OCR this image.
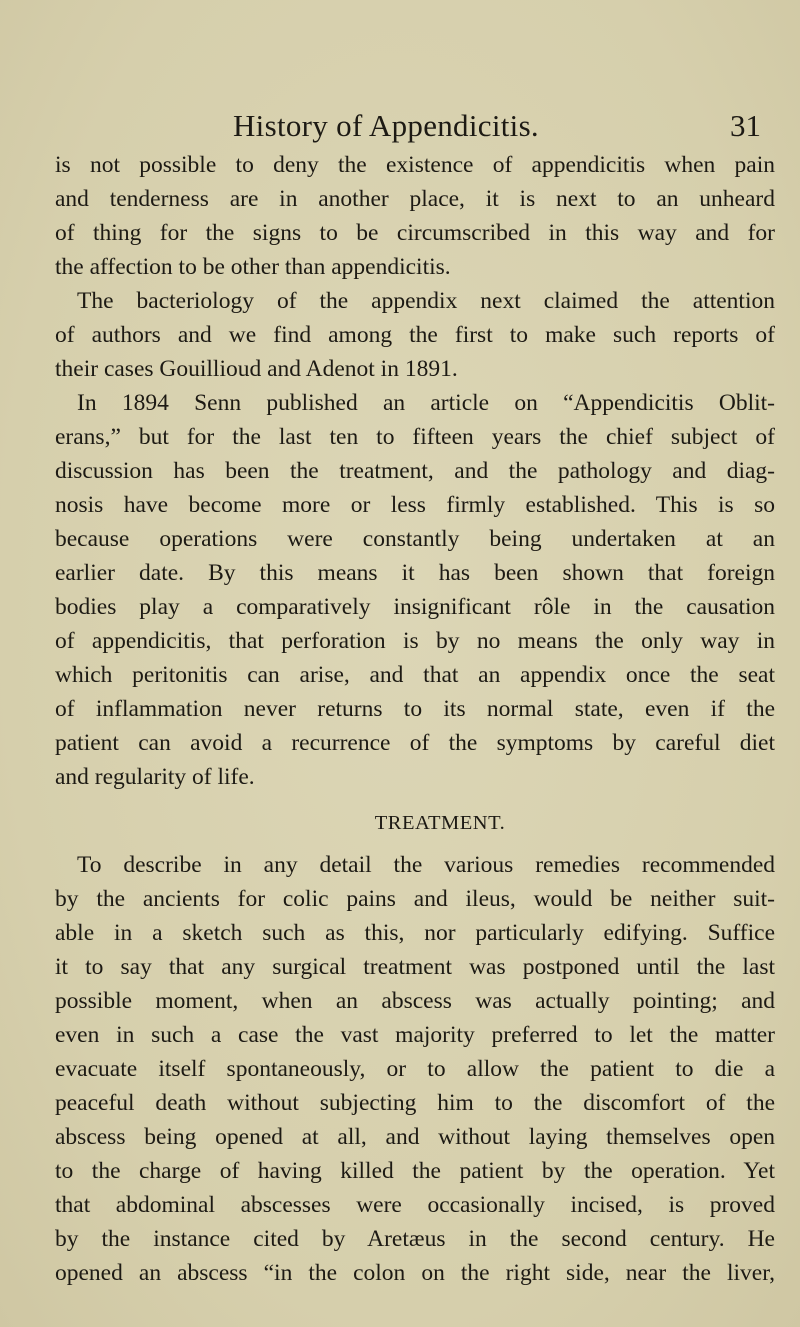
History of Appendicitis.	31
is not possible to deny the existence of appendicitis when pain
and tenderness are in another place, it is next to an unheard
of thing for the signs to be circumscribed in this way and for
the affection to be other than appendicitis.
The bacteriology of the appendix next claimed the attention
of authors and we find among the first to make such reports of
their cases Gouillioud and Adenot in 1891.
In 1894 Senn published an article on “Appendicitis Oblit-
erans,” but for the last ten to fifteen years the chief subject of
discussion has been the treatment, and the pathology and diag-
nosis have become more or less firmly established. This is so
because operations were constantly being undertaken at an
earlier date. By this means it has been shown that foreign
bodies play a comparatively insignificant rôle in the causation
of appendicitis, that perforation is by no means the only way in
which peritonitis can arise, and that an appendix once the seat
of inflammation never returns to its normal state, even if the
patient can avoid a recurrence of the symptoms by careful diet
and regularity of life.
TREATMENT.
To describe in any detail the various remedies recommended
by the ancients for colic pains and ileus, would be neither suit-
able in a sketch such as this, nor particularly edifying. Suffice
it to say that any surgical treatment was postponed until the last
possible moment, when an abscess was actually pointing; and
even in such a case the vast majority preferred to let the matter
evacuate itself spontaneously, or to allow the patient to die a
peaceful death without subjecting him to the discomfort of the
abscess being opened at all, and without laying themselves open
to the charge of having killed the patient by the operation. Yet
that abdominal abscesses were occasionally incised, is proved
by the instance cited by Aretæus in the second century. He
opened an abscess “in the colon on the right side, near the liver,
